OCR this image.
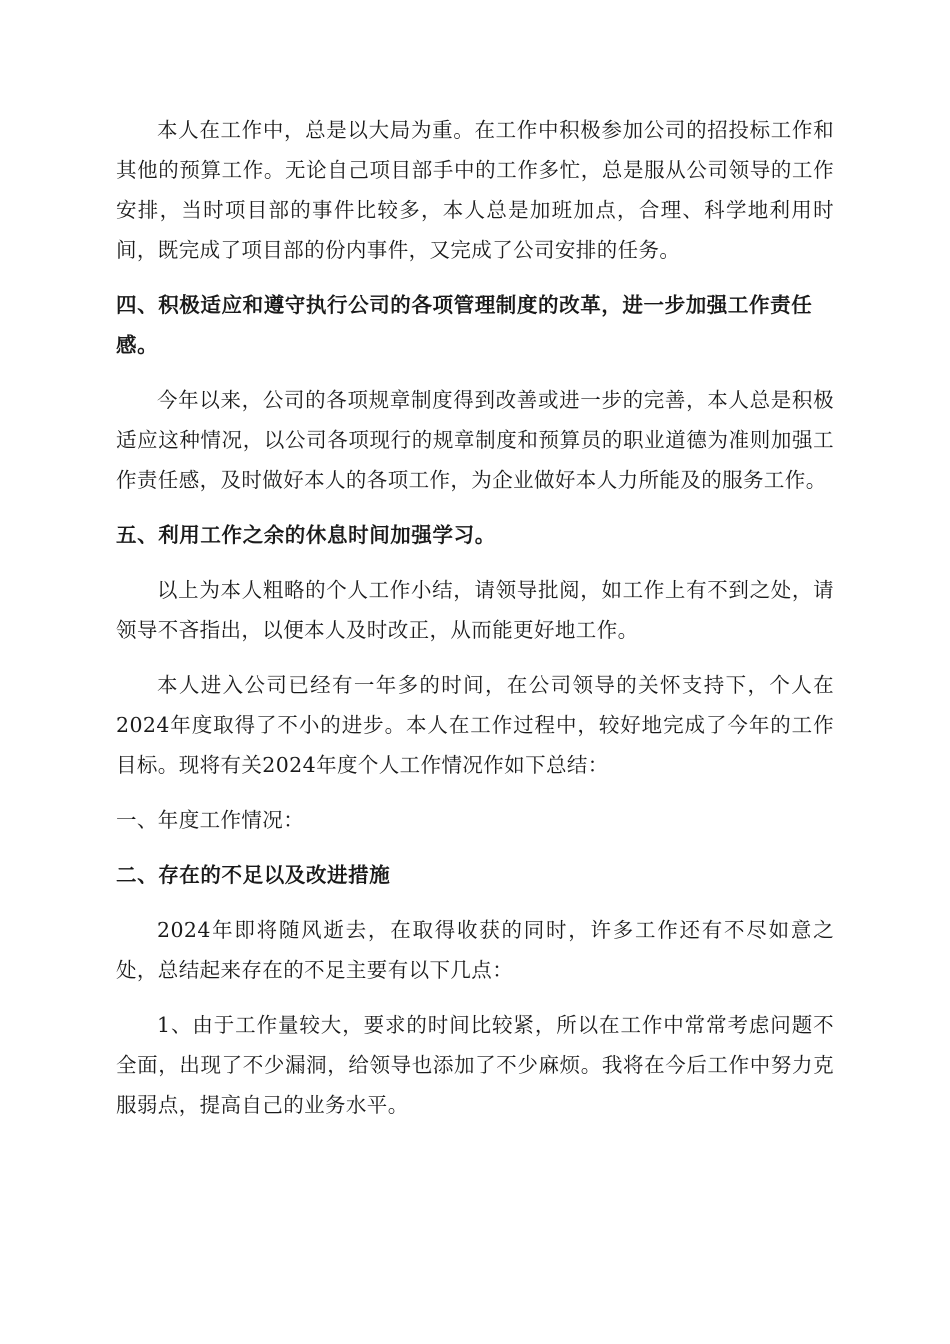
本人在工作中，总是以大局为重。在工作中积极参加公司的招投标工作和其他的预算工作。无论自己项目部手中的工作多忙，总是服从公司领导的工作安排，当时项目部的事件比较多，本人总是加班加点，合理、科学地利用时间，既完成了项目部的份内事件，又完成了公司安排的任务。

四、积极适应和遵守执行公司的各项管理制度的改革，进一步加强工作责任感。

今年以来，公司的各项规章制度得到改善或进一步的完善，本人总是积极适应这种情况，以公司各项现行的规章制度和预算员的职业道德为准则加强工作责任感，及时做好本人的各项工作，为企业做好本人力所能及的服务工作。

五、利用工作之余的休息时间加强学习。

以上为本人粗略的个人工作小结，请领导批阅，如工作上有不到之处，请领导不吝指出，以便本人及时改正，从而能更好地工作。

本人进入公司已经有一年多的时间，在公司领导的关怀支持下，个人在2024年度取得了不小的进步。本人在工作过程中，较好地完成了今年的工作目标。现将有关2024年度个人工作情况作如下总结：

一、年度工作情况：

二、存在的不足以及改进措施

2024年即将随风逝去，在取得收获的同时，许多工作还有不尽如意之处，总结起来存在的不足主要有以下几点：

1、由于工作量较大，要求的时间比较紧，所以在工作中常常考虑问题不全面，出现了不少漏洞，给领导也添加了不少麻烦。我将在今后工作中努力克服弱点，提高自己的业务水平。
